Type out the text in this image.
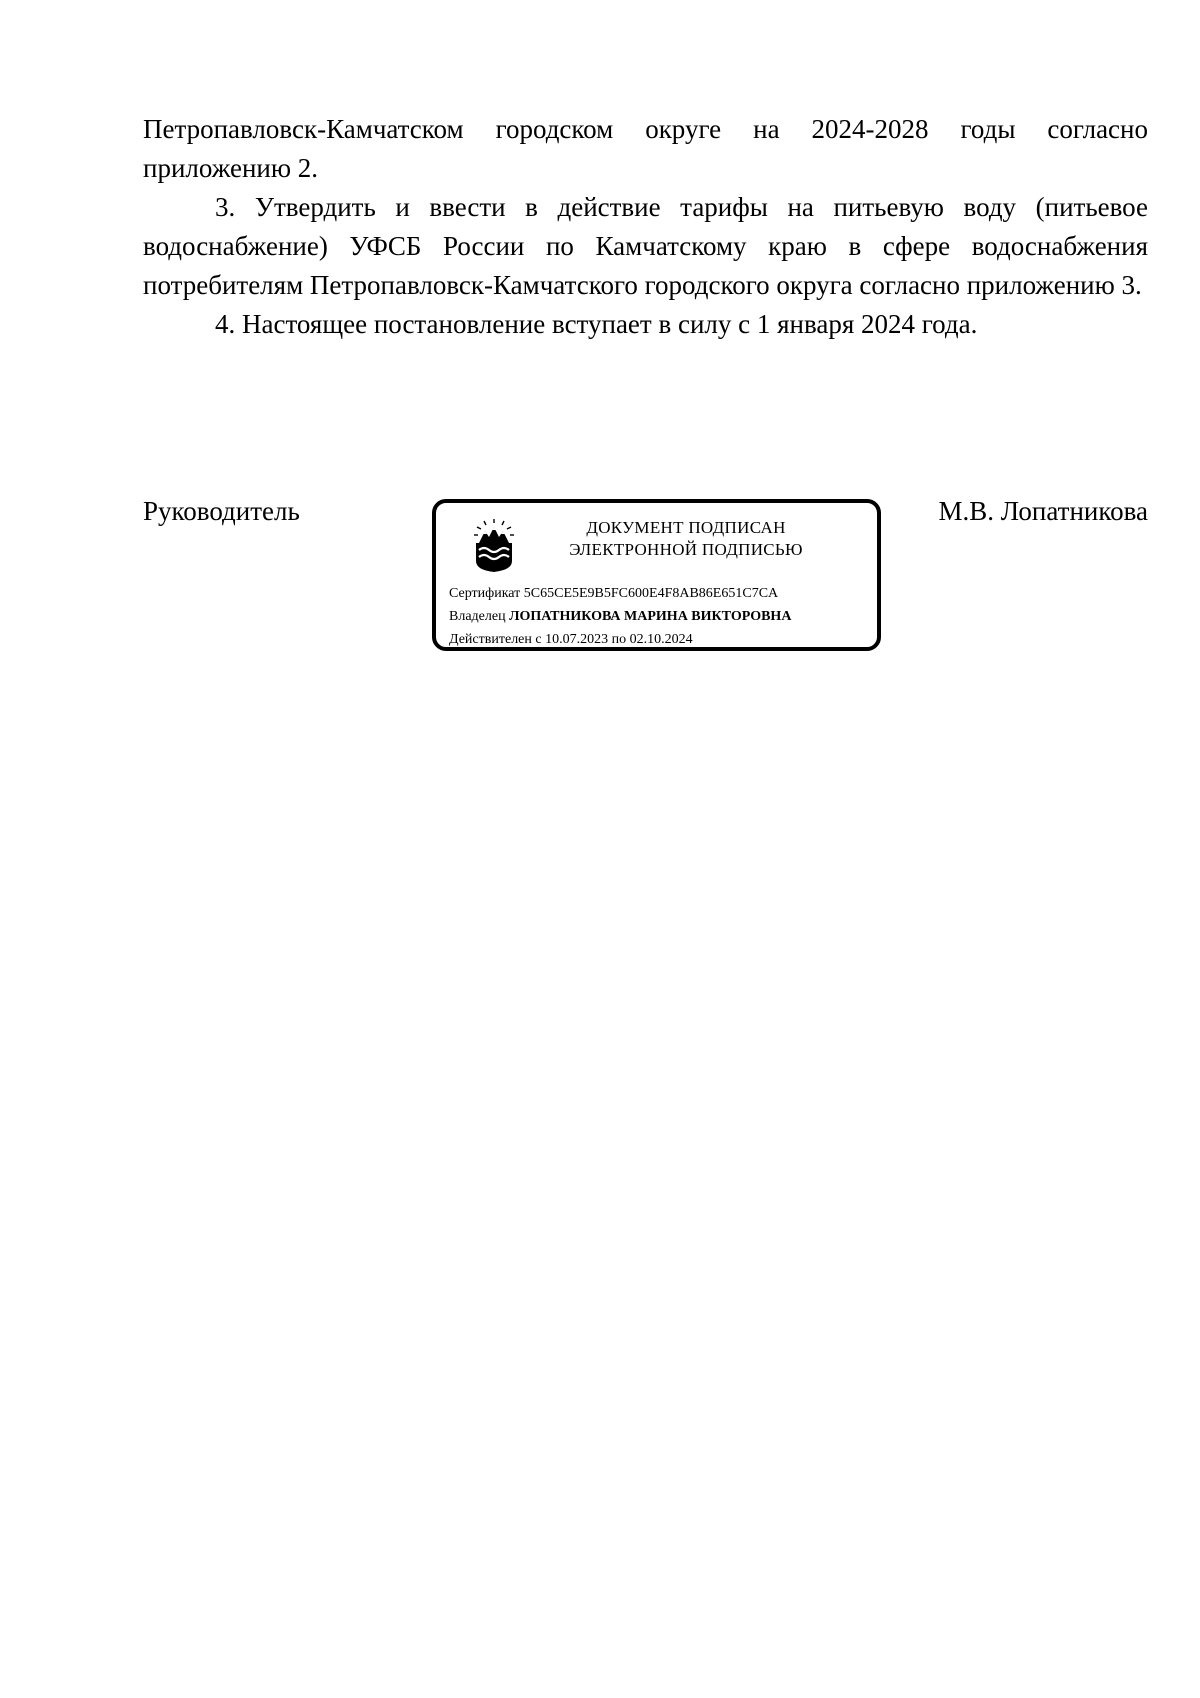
Петропавловск-Камчатском городском округе на 2024-2028 годы согласно приложению 2.

3. Утвердить и ввести в действие тарифы на питьевую воду (питьевое водоснабжение) УФСБ России по Камчатскому краю в сфере водоснабжения потребителям Петропавловск-Камчатского городского округа согласно приложению 3.

4. Настоящее постановление вступает в силу с 1 января 2024 года.

Руководитель
ДОКУМЕНТ ПОДПИСАН
ЭЛЕКТРОННОЙ ПОДПИСЬЮ
Сертификат 5C65CE5E9B5FC600E4F8AB86E651C7CA
Владелец ЛОПАТНИКОВА МАРИНА ВИКТОРОВНА
Действителен с 10.07.2023 по 02.10.2024
М.В. Лопатникова
